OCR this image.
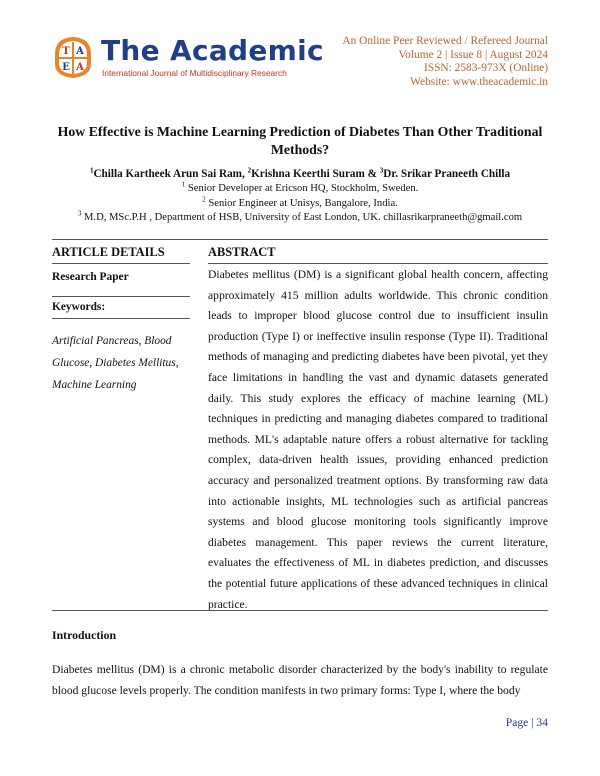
T A
E A
The Academic
International Journal of Multidisciplinary Research
An Online Peer Reviewed / Refereed Journal
Volume 2 | Issue 8 | August 2024
ISSN: 2583-973X (Online)
Website: www.theacademic.in
How Effective is Machine Learning Prediction of Diabetes Than Other Traditional Methods?
$^1$Chilla Kartheek Arun Sai Ram, $^2$Krishna Keerthi Suram & $^3$Dr. Srikar Praneeth Chilla
$^1$ Senior Developer at Ericson HQ, Stockholm, Sweden.
$^2$ Senior Engineer at Unisys, Bangalore, India.
$^3$ M.D, MSc.P.H , Department of HSB, University of East London, UK. chillasrikarpraneeth@gmail.com
ARTICLE DETAILS	ABSTRACT
Research Paper
Keywords:
Artificial Pancreas, Blood Glucose, Diabetes Mellitus, Machine Learning

Diabetes mellitus (DM) is a significant global health concern, affecting approximately 415 million adults worldwide. This chronic condition leads to improper blood glucose control due to insufficient insulin production (Type I) or ineffective insulin response (Type II). Traditional methods of managing and predicting diabetes have been pivotal, yet they face limitations in handling the vast and dynamic datasets generated daily. This study explores the efficacy of machine learning (ML) techniques in predicting and managing diabetes compared to traditional methods. ML's adaptable nature offers a robust alternative for tackling complex, data-driven health issues, providing enhanced prediction accuracy and personalized treatment options. By transforming raw data into actionable insights, ML technologies such as artificial pancreas systems and blood glucose monitoring tools significantly improve diabetes management. This paper reviews the current literature, evaluates the effectiveness of ML in diabetes prediction, and discusses the potential future applications of these advanced techniques in clinical practice.

Introduction

Diabetes mellitus (DM) is a chronic metabolic disorder characterized by the body's inability to regulate blood glucose levels properly. The condition manifests in two primary forms: Type I, where the body

Page | 34
